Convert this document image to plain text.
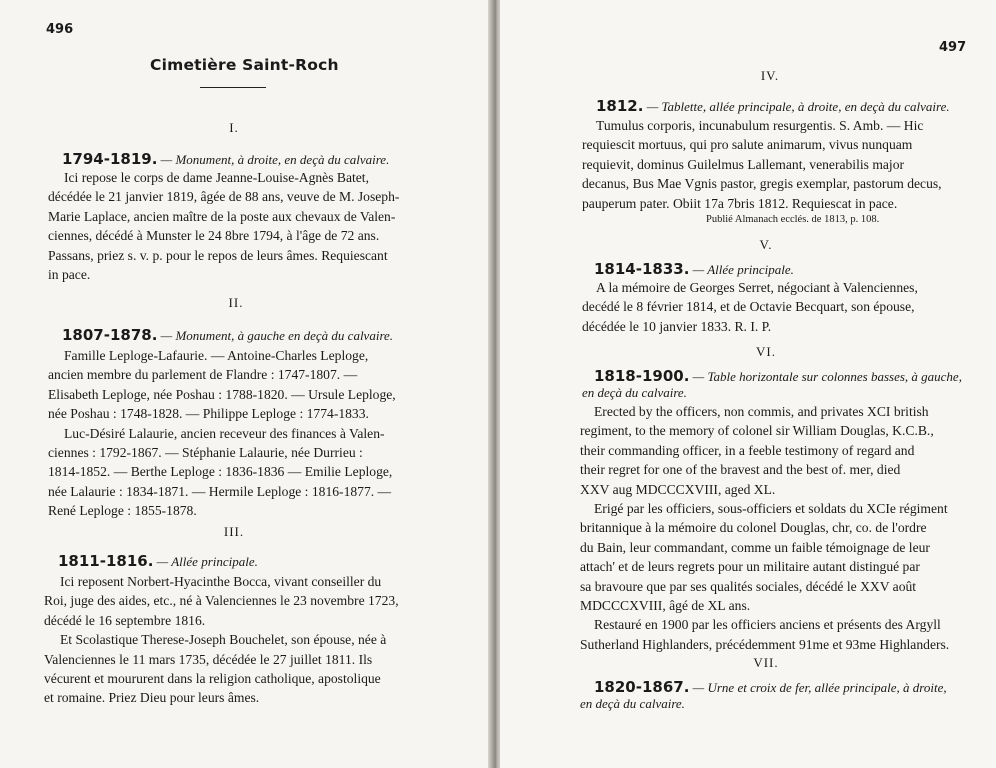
496
Cimetière Saint-Roch
I.
1794-1819. — Monument, à droite, en deçà du calvaire.
Ici repose le corps de dame Jeanne-Louise-Agnès Batet,
décédée le 21 janvier 1819, âgée de 88 ans, veuve de M. Joseph-
Marie Laplace, ancien maître de la poste aux chevaux de Valen-
ciennes, décédé à Munster le 24 8bre 1794, à l'âge de 72 ans.
Passans, priez s. v. p. pour le repos de leurs âmes. Requiescant
in pace.
II.
1807-1878. — Monument, à gauche en deçà du calvaire.
Famille Leploge-Lafaurie. — Antoine-Charles Leploge,
ancien membre du parlement de Flandre : 1747-1807. —
Elisabeth Leploge, née Poshau : 1788-1820. — Ursule Leploge,
née Poshau : 1748-1828. — Philippe Leploge : 1774-1833.
Luc-Désiré Lalaurie, ancien receveur des finances à Valen-
ciennes : 1792-1867. — Stéphanie Lalaurie, née Durrieu :
1814-1852. — Berthe Leploge : 1836-1836 — Emilie Leploge,
née Lalaurie : 1834-1871. — Hermile Leploge : 1816-1877. —
René Leploge : 1855-1878.
III.
1811-1816. — Allée principale.
Ici reposent Norbert-Hyacinthe Bocca, vivant conseiller du
Roi, juge des aides, etc., né à Valenciennes le 23 novembre 1723,
décédé le 16 septembre 1816.
Et Scolastique Therese-Joseph Bouchelet, son épouse, née à
Valenciennes le 11 mars 1735, décédée le 27 juillet 1811. Ils
vécurent et moururent dans la religion catholique, apostolique
et romaine. Priez Dieu pour leurs âmes.
497
IV.
1812. — Tablette, allée principale, à droite, en deçà du calvaire.
Tumulus corporis, incunabulum resurgentis. S. Amb. — Hic
requiescit mortuus, qui pro salute animarum, vivus nunquam
requievit, dominus Guilelmus Lallemant, venerabilis major
decanus, Bus Mae Vgnis pastor, gregis exemplar, pastorum decus,
pauperum pater. Obiit 17a 7bris 1812. Requiescat in pace.
Publié Almanach ecclés. de 1813, p. 108.
V.
1814-1833. — Allée principale.
A la mémoire de Georges Serret, négociant à Valenciennes,
decédé le 8 février 1814, et de Octavie Becquart, son épouse,
décédée le 10 janvier 1833. R. I. P.
VI.
1818-1900. — Table horizontale sur colonnes basses, à gauche,
en deçà du calvaire.
Erected by the officers, non commis, and privates XCI british
regiment, to the memory of colonel sir William Douglas, K.C.B.,
their commanding officer, in a feeble testimony of regard and
their regret for one of the bravest and the best of. mer, died
XXV aug MDCCCXVIII, aged XL.
Erigé par les officiers, sous-officiers et soldats du XCIe régiment
britannique à la mémoire du colonel Douglas, chr, co. de l'ordre
du Bain, leur commandant, comme un faible témoignage de leur
attach' et de leurs regrets pour un militaire autant distingué par
sa bravoure que par ses qualités sociales, décédé le XXV août
MDCCCXVIII, âgé de XL ans.
Restauré en 1900 par les officiers anciens et présents des Argyll
Sutherland Highlanders, précédemment 91me et 93me Highlanders.
VII.
1820-1867. — Urne et croix de fer, allée principale, à droite,
en deçà du calvaire.
